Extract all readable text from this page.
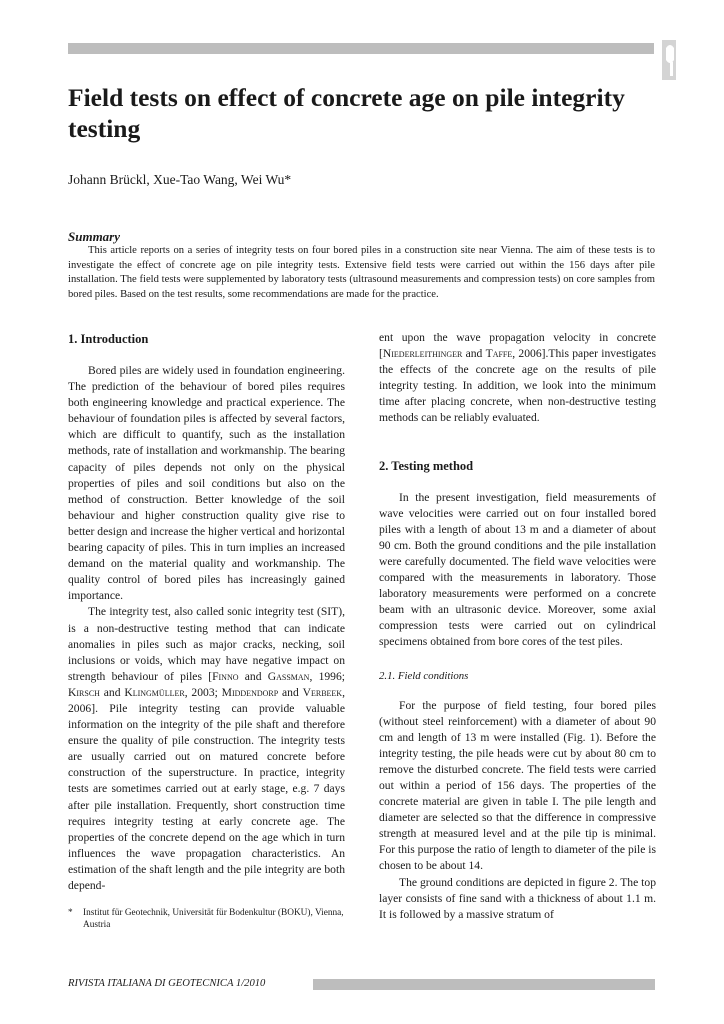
Field tests on effect of concrete age on pile integrity testing

Johann Brückl, Xue-Tao Wang, Wei Wu*

Summary

This article reports on a series of integrity tests on four bored piles in a construction site near Vienna. The aim of these tests is to investigate the effect of concrete age on pile integrity tests. Extensive field tests were carried out within the 156 days after pile installation. The field tests were supplemented by laboratory tests (ultrasound measurements and compression tests) on core samples from bored piles. Based on the test results, some recommendations are made for the practice.

1. Introduction

Bored piles are widely used in foundation engineering. The prediction of the behaviour of bored piles requires both engineering knowledge and practical experience. The behaviour of foundation piles is affected by several factors, which are difficult to quantify, such as the installation methods, rate of installation and workmanship. The bearing capacity of piles depends not only on the physical properties of piles and soil conditions but also on the method of construction. Better knowledge of the soil behaviour and higher construction quality give rise to better design and increase the higher vertical and horizontal bearing capacity of piles. This in turn implies an increased demand on the material quality and workmanship. The quality control of bored piles has increasingly gained importance.

The integrity test, also called sonic integrity test (SIT), is a non-destructive testing method that can indicate anomalies in piles such as major cracks, necking, soil inclusions or voids, which may have negative impact on strength behaviour of piles [Finno and Gassman, 1996; Kirsch and Klingmüller, 2003; Middendorp and Verbeek, 2006]. Pile integrity testing can provide valuable information on the integrity of the pile shaft and therefore ensure the quality of pile construction. The integrity tests are usually carried out on matured concrete before construction of the superstructure. In practice, integrity tests are sometimes carried out at early stage, e.g. 7 days after pile installation. Frequently, short construction time requires integrity testing at early concrete age. The properties of the concrete depend on the age which in turn influences the wave propagation characteristics. An estimation of the shaft length and the pile integrity are both depend-

ent upon the wave propagation velocity in concrete [Niederleithinger and Taffe, 2006].This paper investigates the effects of the concrete age on the results of pile integrity testing. In addition, we look into the minimum time after placing concrete, when non-destructive testing methods can be reliably evaluated.

2. Testing method

In the present investigation, field measurements of wave velocities were carried out on four installed bored piles with a length of about 13 m and a diameter of about 90 cm. Both the ground conditions and the pile installation were carefully documented. The field wave velocities were compared with the measurements in laboratory. Those laboratory measurements were performed on a concrete beam with an ultrasonic device. Moreover, some axial compression tests were carried out on cylindrical specimens obtained from bore cores of the test piles.

2.1. Field conditions

For the purpose of field testing, four bored piles (without steel reinforcement) with a diameter of about 90 cm and length of 13 m were installed (Fig. 1). Before the integrity testing, the pile heads were cut by about 80 cm to remove the disturbed concrete. The field tests were carried out within a period of 156 days. The properties of the concrete material are given in table I. The pile length and diameter are selected so that the difference in compressive strength at measured level and at the pile tip is minimal. For this purpose the ratio of length to diameter of the pile is chosen to be about 14.

The ground conditions are depicted in figure 2. The top layer consists of fine sand with a thickness of about 1.1 m. It is followed by a massive stratum of

* Institut für Geotechnik, Universität für Bodenkultur (BOKU), Vienna, Austria

RIVISTA ITALIANA DI GEOTECNICA 1/2010
